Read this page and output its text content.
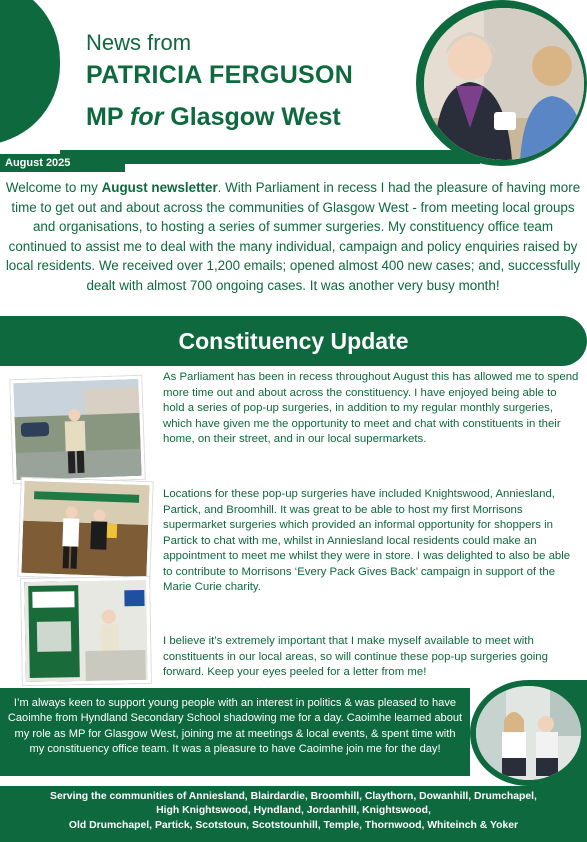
August 2025
News from
PATRICIA FERGUSON
MP for Glasgow West
Welcome to my August newsletter. With Parliament in recess I had the pleasure of having more time to get out and about across the communities of Glasgow West - from meeting local groups and organisations, to hosting a series of summer surgeries. My constituency office team continued to assist me to deal with the many individual, campaign and policy enquiries raised by local residents. We received over 1,200 emails; opened almost 400 new cases; and, successfully dealt with almost 700 ongoing cases. It was another very busy month!
Constituency Update
As Parliament has been in recess throughout August this has allowed me to spend more time out and about across the constituency. I have enjoyed being able to hold a series of pop-up surgeries, in addition to my regular monthly surgeries, which have given me the opportunity to meet and chat with constituents in their home, on their street, and in our local supermarkets.
Locations for these pop-up surgeries have included Knightswood, Anniesland, Partick, and Broomhill. It was great to be able to host my first Morrisons supermarket surgeries which provided an informal opportunity for shoppers in Partick to chat with me, whilst in Anniesland local residents could make an appointment to meet me whilst they were in store. I was delighted to also be able to contribute to Morrisons ‘Every Pack Gives Back’ campaign in support of the Marie Curie charity.
I believe it’s extremely important that I make myself available to meet with constituents in our local areas, so will continue these pop-up surgeries going forward. Keep your eyes peeled for a letter from me!
I’m always keen to support young people with an interest in politics & was pleased to have Caoimhe from Hyndland Secondary School shadowing me for a day. Caoimhe learned about my role as MP for Glasgow West, joining me at meetings & local events, & spent time with my constituency office team. It was a pleasure to have Caoimhe join me for the day!
Serving the communities of Anniesland, Blairdardie, Broomhill, Claythorn, Dowanhill, Drumchapel,
High Knightswood, Hyndland, Jordanhill, Knightswood,
Old Drumchapel, Partick, Scotstoun, Scotstounhill, Temple, Thornwood, Whiteinch & Yoker
